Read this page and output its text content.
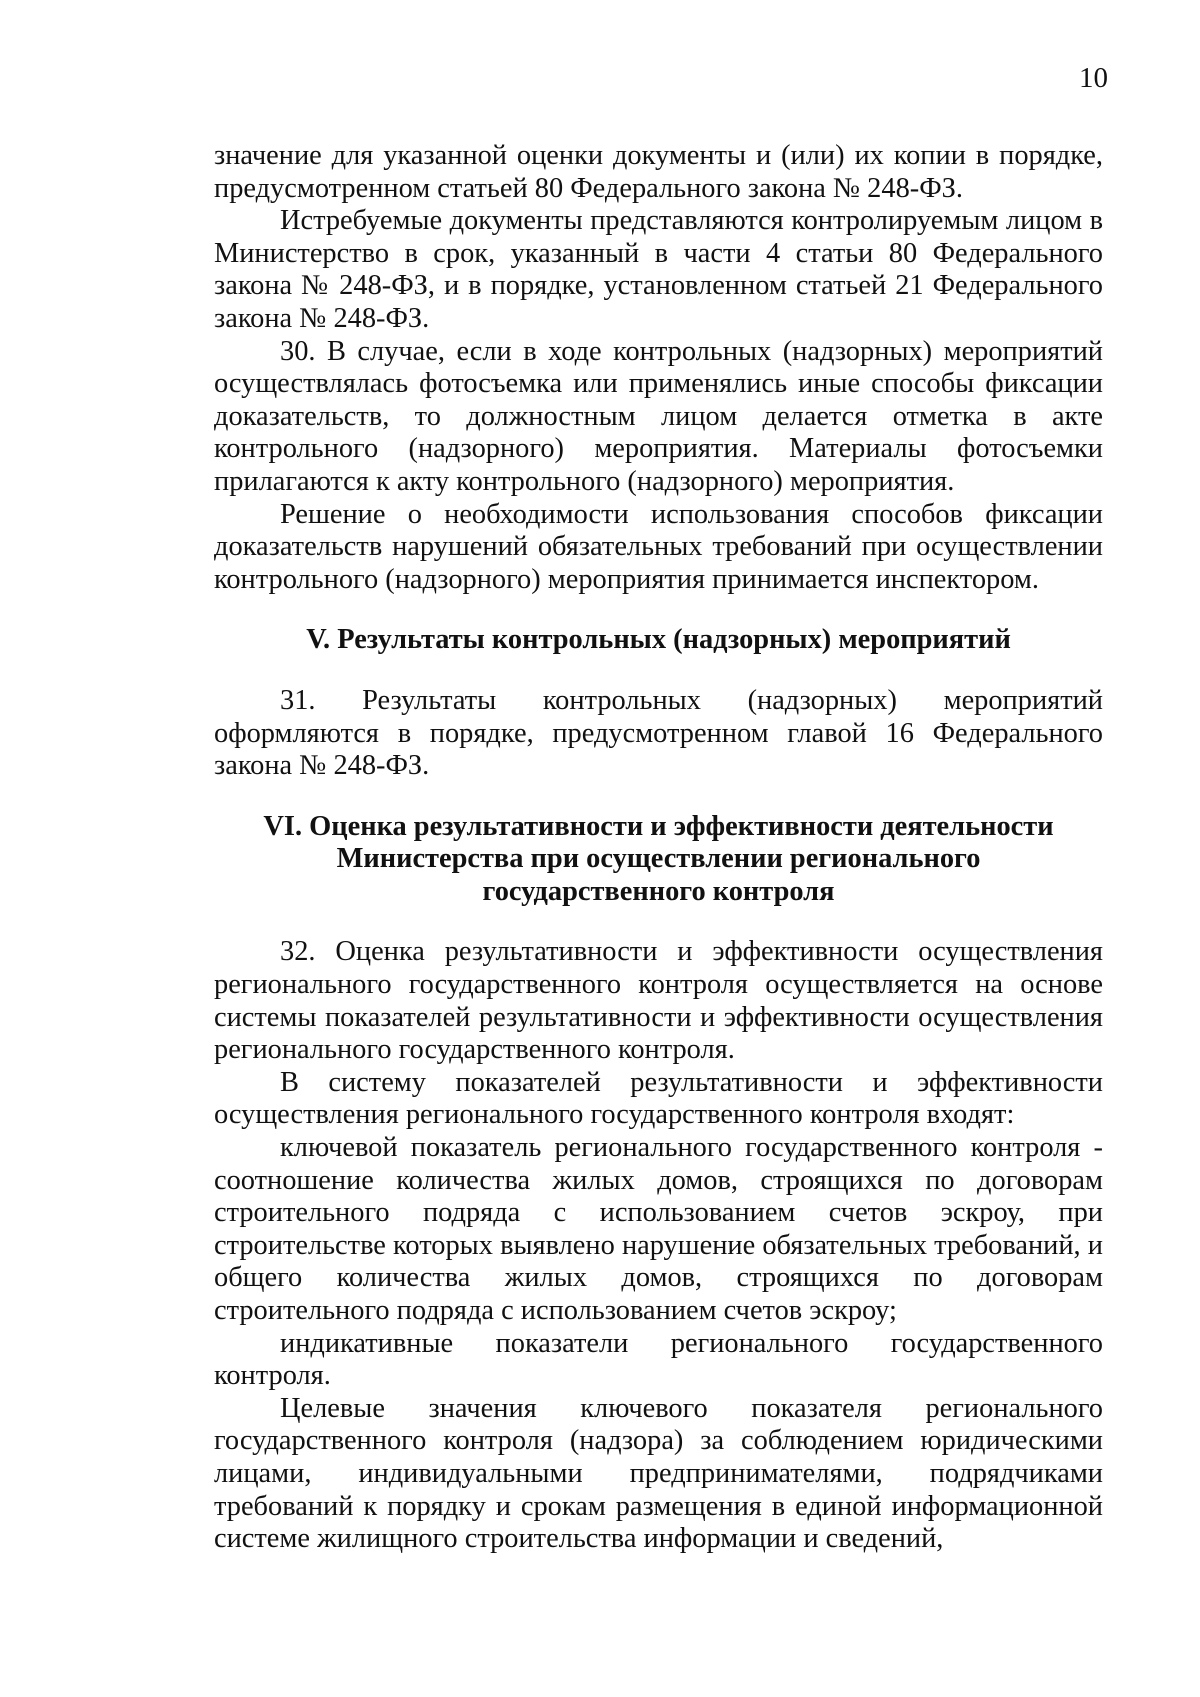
10

значение для указанной оценки документы и (или) их копии в порядке, предусмотренном статьей 80 Федерального закона № 248-ФЗ.

Истребуемые документы представляются контролируемым лицом в Министерство в срок, указанный в части 4 статьи 80 Федерального закона № 248-ФЗ, и в порядке, установленном статьей 21 Федерального закона № 248-ФЗ.

30. В случае, если в ходе контрольных (надзорных) мероприятий осуществлялась фотосъемка или применялись иные способы фиксации доказательств, то должностным лицом делается отметка в акте контрольного (надзорного) мероприятия. Материалы фотосъемки прилагаются к акту контрольного (надзорного) мероприятия.

Решение о необходимости использования способов фиксации доказательств нарушений обязательных требований при осуществлении контрольного (надзорного) мероприятия принимается инспектором.

V. Результаты контрольных (надзорных) мероприятий

31. Результаты контрольных (надзорных) мероприятий оформляются в порядке, предусмотренном главой 16 Федерального закона № 248-ФЗ.

VI. Оценка результативности и эффективности деятельности
Министерства при осуществлении регионального
государственного контроля

32. Оценка результативности и эффективности осуществления регионального государственного контроля осуществляется на основе системы показателей результативности и эффективности осуществления регионального государственного контроля.

В систему показателей результативности и эффективности осуществления регионального государственного контроля входят:

ключевой показатель регионального государственного контроля - соотношение количества жилых домов, строящихся по договорам строительного подряда с использованием счетов эскроу, при строительстве которых выявлено нарушение обязательных требований, и общего количества жилых домов, строящихся по договорам строительного подряда с использованием счетов эскроу;

индикативные показатели регионального государственного контроля.

Целевые значения ключевого показателя регионального государственного контроля (надзора) за соблюдением юридическими лицами, индивидуальными предпринимателями, подрядчиками требований к порядку и срокам размещения в единой информационной системе жилищного строительства информации и сведений,
